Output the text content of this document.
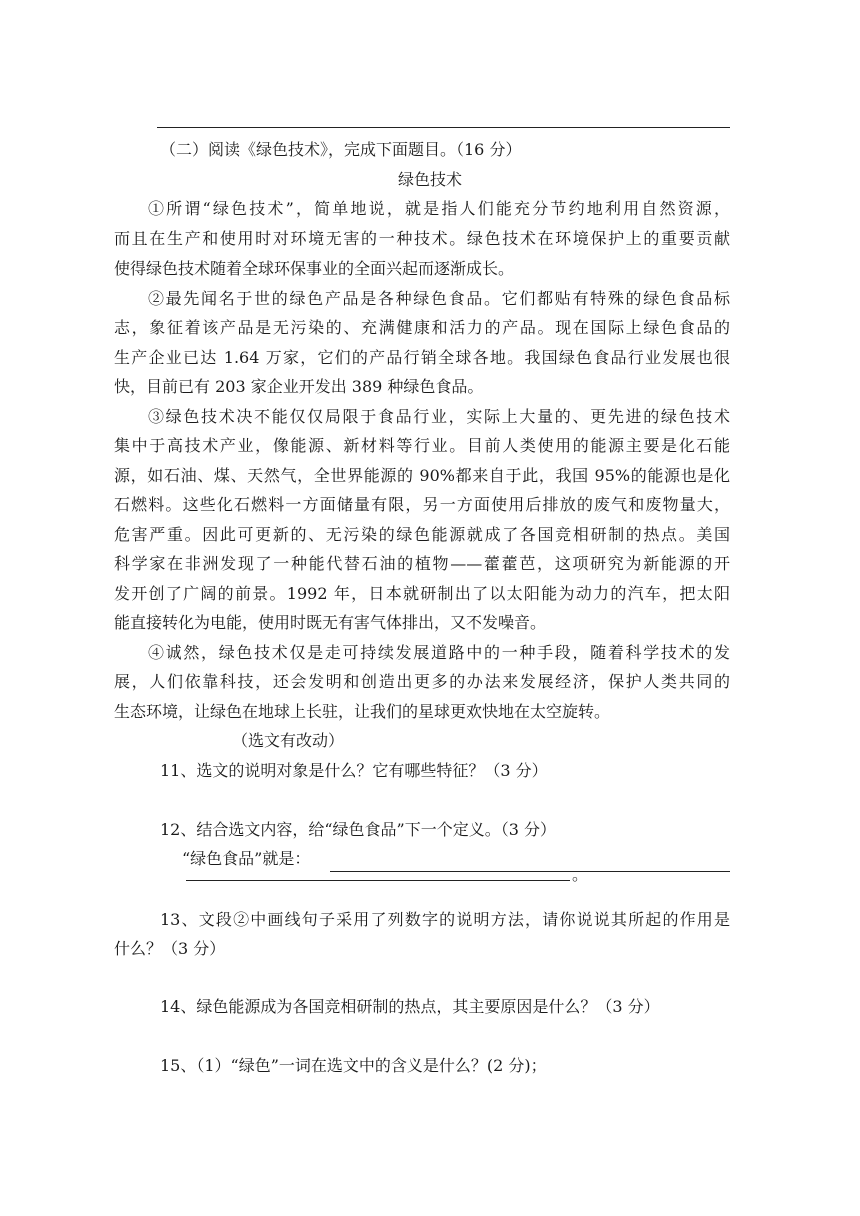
（二）阅读《绿色技术》，完成下面题目。（16 分）
绿色技术
①所谓“绿色技术”，简单地说，就是指人们能充分节约地利用自然资源，
而且在生产和使用时对环境无害的一种技术。绿色技术在环境保护上的重要贡献
使得绿色技术随着全球环保事业的全面兴起而逐渐成长。
②最先闻名于世的绿色产品是各种绿色食品。它们都贴有特殊的绿色食品标
志，象征着该产品是无污染的、充满健康和活力的产品。现在国际上绿色食品的
生产企业已达 1.64 万家，它们的产品行销全球各地。我国绿色食品行业发展也很
快，目前已有 203 家企业开发出 389 种绿色食品。
③绿色技术决不能仅仅局限于食品行业，实际上大量的、更先进的绿色技术
集中于高技术产业，像能源、新材料等行业。目前人类使用的能源主要是化石能
源，如石油、煤、天然气，全世界能源的 90%都来自于此，我国 95%的能源也是化
石燃料。这些化石燃料一方面储量有限，另一方面使用后排放的废气和废物量大，
危害严重。因此可更新的、无污染的绿色能源就成了各国竞相研制的热点。美国
科学家在非洲发现了一种能代替石油的植物——藿藿芭，这项研究为新能源的开
发开创了广阔的前景。1992 年，日本就研制出了以太阳能为动力的汽车，把太阳
能直接转化为电能，使用时既无有害气体排出，又不发噪音。
④诚然，绿色技术仅是走可持续发展道路中的一种手段，随着科学技术的发
展，人们依靠科技，还会发明和创造出更多的办法来发展经济，保护人类共同的
生态环境，让绿色在地球上长驻，让我们的星球更欢快地在太空旋转。
（选文有改动）
11、选文的说明对象是什么？它有哪些特征？（3 分）
12、结合选文内容，给“绿色食品”下一个定义。（3 分）
“绿色食品”就是：
。
13、文段②中画线句子采用了列数字的说明方法，请你说说其所起的作用是
什么？（3 分）
14、绿色能源成为各国竞相研制的热点，其主要原因是什么？（3 分）
15、（1）“绿色”一词在选文中的含义是什么？(2 分)；
